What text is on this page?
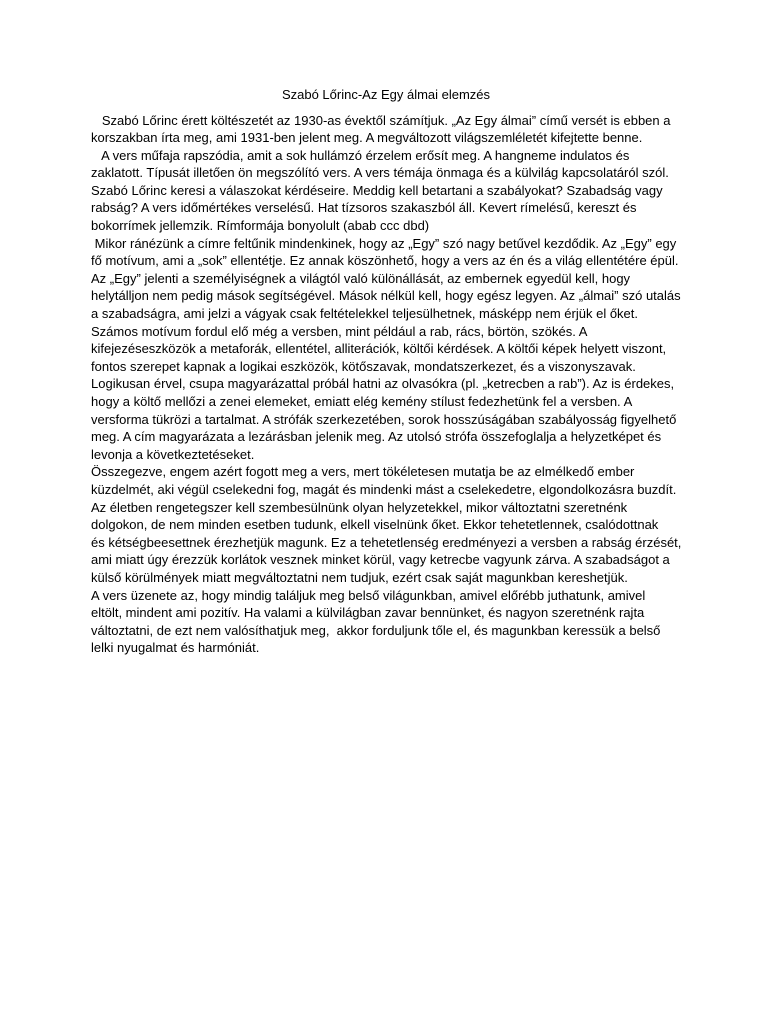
Szabó Lőrinc-Az Egy álmai elemzés
Szabó Lőrinc érett költészetét az 1930-as évektől számítjuk. „Az Egy álmai” című versét is ebben a
korszakban írta meg, ami 1931-ben jelent meg. A megváltozott világszemléletét kifejtette benne.
A vers műfaja rapszódia, amit a sok hullámzó érzelem erősít meg. A hangneme indulatos és
zaklatott. Típusát illetően ön megszólító vers. A vers témája önmaga és a külvilág kapcsolatáról szól.
Szabó Lőrinc keresi a válaszokat kérdéseire. Meddig kell betartani a szabályokat? Szabadság vagy
rabság? A vers időmértékes verselésű. Hat tízsoros szakaszból áll. Kevert rímelésű, kereszt és
bokorrímek jellemzik. Rímformája bonyolult (abab ccc dbd)
Mikor ránézünk a címre feltűnik mindenkinek, hogy az „Egy” szó nagy betűvel kezdődik. Az „Egy” egy
fő motívum, ami a „sok” ellentétje. Ez annak köszönhető, hogy a vers az én és a világ ellentétére épül.
Az „Egy” jelenti a személyiségnek a világtól való különállását, az embernek egyedül kell, hogy
helytálljon nem pedig mások segítségével. Mások nélkül kell, hogy egész legyen. Az „álmai” szó utalás
a szabadságra, ami jelzi a vágyak csak feltételekkel teljesülhetnek, másképp nem érjük el őket.
Számos motívum fordul elő még a versben, mint például a rab, rács, börtön, szökés. A
kifejezéseszközök a metaforák, ellentétel, alliterációk, költői kérdések. A költői képek helyett viszont,
fontos szerepet kapnak a logikai eszközök, kötőszavak, mondatszerkezet, és a viszonyszavak.
Logikusan érvel, csupa magyarázattal próbál hatni az olvasókra (pl. „ketrecben a rab”). Az is érdekes,
hogy a költő mellőzi a zenei elemeket, emiatt elég kemény stílust fedezhetünk fel a versben. A
versforma tükrözi a tartalmat. A strófák szerkezetében, sorok hosszúságában szabályosság figyelhető
meg. A cím magyarázata a lezárásban jelenik meg. Az utolsó strófa összefoglalja a helyzetképet és
levonja a következtetéseket.
Összegezve, engem azért fogott meg a vers, mert tökéletesen mutatja be az elmélkedő ember
küzdelmét, aki végül cselekedni fog, magát és mindenki mást a cselekedetre, elgondolkozásra buzdít.
Az életben rengetegszer kell szembesülnünk olyan helyzetekkel, mikor változtatni szeretnénk
dolgokon, de nem minden esetben tudunk, elkell viselnünk őket. Ekkor tehetetlennek, csalódottnak
és kétségbeesettnek érezhetjük magunk. Ez a tehetetlenség eredményezi a versben a rabság érzését,
ami miatt úgy érezzük korlátok vesznek minket körül, vagy ketrecbe vagyunk zárva. A szabadságot a
külső körülmények miatt megváltoztatni nem tudjuk, ezért csak saját magunkban kereshetjük.
A vers üzenete az, hogy mindig találjuk meg belső világunkban, amivel előrébb juthatunk, amivel
eltölt, mindent ami pozitív. Ha valami a külvilágban zavar bennünket, és nagyon szeretnénk rajta
változtatni, de ezt nem valósíthatjuk meg,  akkor forduljunk tőle el, és magunkban keressük a belső
lelki nyugalmat és harmóniát.
